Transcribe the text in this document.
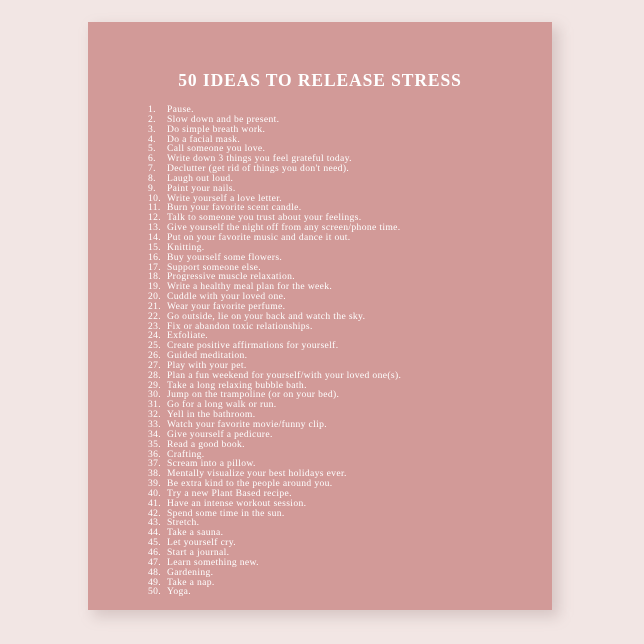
50 IDEAS TO RELEASE STRESS
1.	Pause.
2.	Slow down and be present.
3.	Do simple breath work.
4.	Do a facial mask.
5.	Call someone you love.
6.	Write down 3 things you feel grateful today.
7.	Declutter (get rid of things you don't need).
8.	Laugh out loud.
9.	Paint your nails.
10. Write yourself a love letter.
11. Burn your favorite scent candle.
12. Talk to someone you trust about your feelings.
13. Give yourself the night off from any screen/phone time.
14. Put on your favorite music and dance it out.
15. Knitting.
16. Buy yourself some flowers.
17. Support someone else.
18. Progressive muscle relaxation.
19. Write a healthy meal plan for the week.
20. Cuddle with your loved one.
21. Wear your favorite perfume.
22. Go outside, lie on your back and watch the sky.
23. Fix or abandon toxic relationships.
24. Exfoliate.
25. Create positive affirmations for yourself.
26. Guided meditation.
27. Play with your pet.
28. Plan a fun weekend for yourself/with your loved one(s).
29. Take a long relaxing bubble bath.
30. Jump on the trampoline (or on your bed).
31. Go for a long walk or run.
32. Yell in the bathroom.
33. Watch your favorite movie/funny clip.
34. Give yourself a pedicure.
35. Read a good book.
36. Crafting.
37. Scream into a pillow.
38. Mentally visualize your best holidays ever.
39. Be extra kind to the people around you.
40. Try a new Plant Based recipe.
41. Have an intense workout session.
42. Spend some time in the sun.
43. Stretch.
44. Take a sauna.
45. Let yourself cry.
46. Start a journal.
47. Learn something new.
48. Gardening.
49. Take a nap.
50. Yoga.
